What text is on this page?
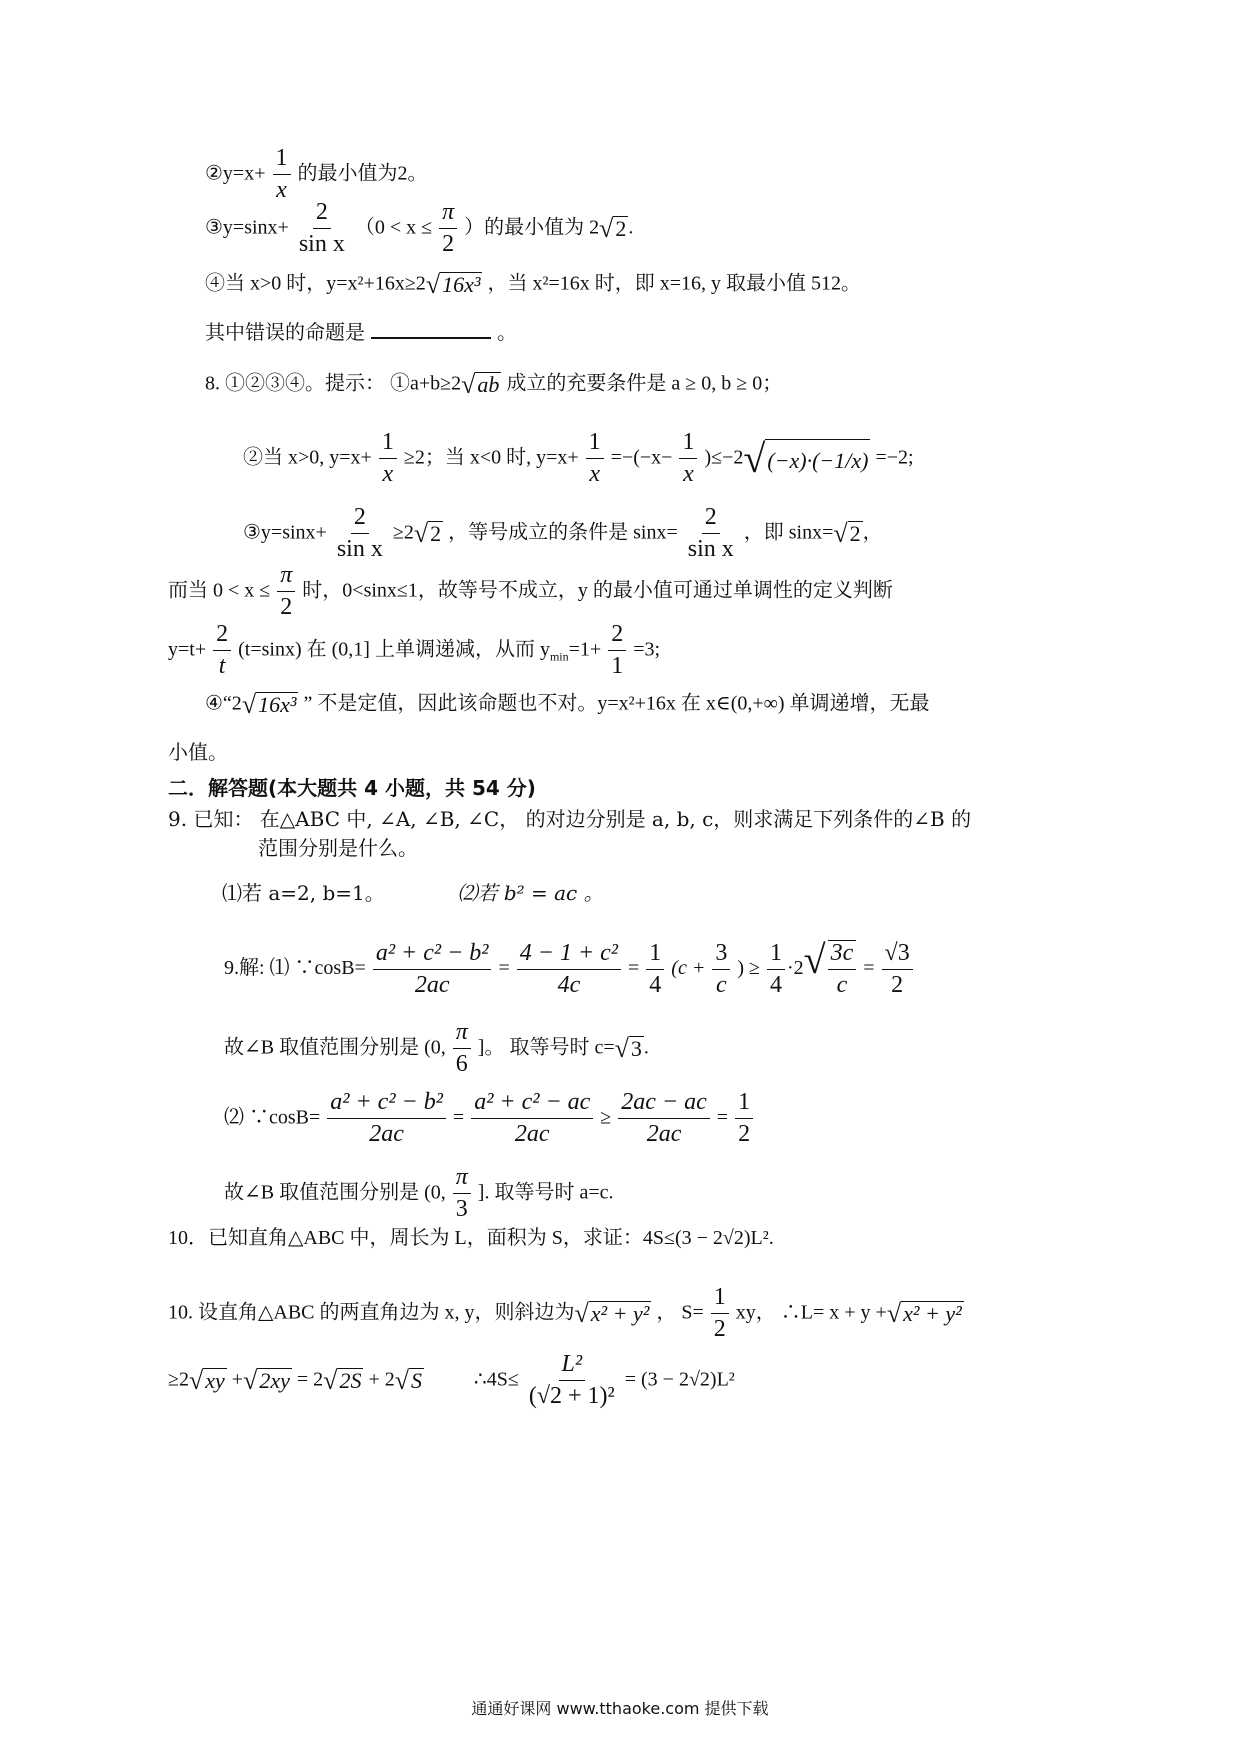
②y=x+ $\frac{1}{x}$ 的最小值为2。
③y=sinx+ $\frac{2}{\text{sin x}} (0 < x \le \frac{\pi}{2}$ ）的最小值为 2 √ 2 .
④当 x>0 时，y=x²+16x≥2 √ 16x³ ，当 x²=16x 时，即 x=16, y 取最小值 512。
其中错误的命题是	。
8. ①②③④。提示： ①a+b≥2 √ ab 成立的充要条件是 a ≥ 0, b ≥ 0；
②当 x>0, $y=x+ \frac{1}{x} \ge 2$；当 x<0 时, $y=x+ \frac{1}{x} =-(-x- \frac{1}{x} )\le-2$ √ (−x)·(−1/x) =−2;
③y=sinx+ $\frac{2}{\text{sin x}} \ge 2$ √ 2 ，等号成立的条件是 $\sin x= \frac{2}{\text{sin x}}$ ，即 sinx= √ 2 ，
而当 $0 < x \le \frac{\pi}{2}$ 时，0<sinx≤1，故等号不成立，y 的最小值可通过单调性的定义判断
$y=t+ \frac{2}{t} (t=\sin x)$ 在 (0,1] 上单调递减，从而 $y_{min}=1+ \frac{2}{1} =3$;
④“2 √ 16x³ ” 不是定值，因此该命题也不对。y=x²+16x 在 x∈(0,+∞) 单调递增，无最
小值。
二．解答题(本大题共 4 小题，共 54 分)
9. 已知： 在△ABC 中, ∠A, ∠B, ∠C， 的对边分别是 a, b, c，则求满足下列条件的∠B 的
范围分别是什么。
⑴若 a=2, b=1。	⑵若 b² = ac 。
9.解: ⑴ ∵cosB= $\frac{\text{a² + c² − b²}}{2ac} = \frac{\text{4 − 1 + c²}}{4c} = \frac{1}{4} (c + \frac{3}{c}$ ) ≥ $\frac{1}{4} \cdot 2$ √ $\frac{3c}{c} = \frac{√3}{2}$
故∠B 取值范围分别是 (0, $\frac{\pi}{6}$ ]。 取等号时 c= √ 3 .
⑵ ∵cosB= $\frac{\text{a² + c² − b²}}{2ac} = \frac{\text{a² + c² − ac}}{2ac} \ge \frac{2ac - ac}{2ac} = \frac{1}{2}$
故∠B 取值范围分别是 (0, $\frac{\pi}{3}$ ]. 取等号时 a=c.
10．已知直角△ABC 中，周长为 L，面积为 S，求证：4S≤(3 − 2√2)L².
10. 设直角△ABC 的两直角边为 x, y，则斜边为 √ x² + y² ， $S= \frac{1}{2}$ xy， ∴L= x + y + √ x² + y²
≥2 √ xy + √ 2xy = 2 √ 2S + 2 √ S	∴4S≤ $\frac{\text{L²}}{\text{(√2 + 1)²}} = (3 - 2√2)L^2$
通通好课网 www.tthaoke.com 提供下载
